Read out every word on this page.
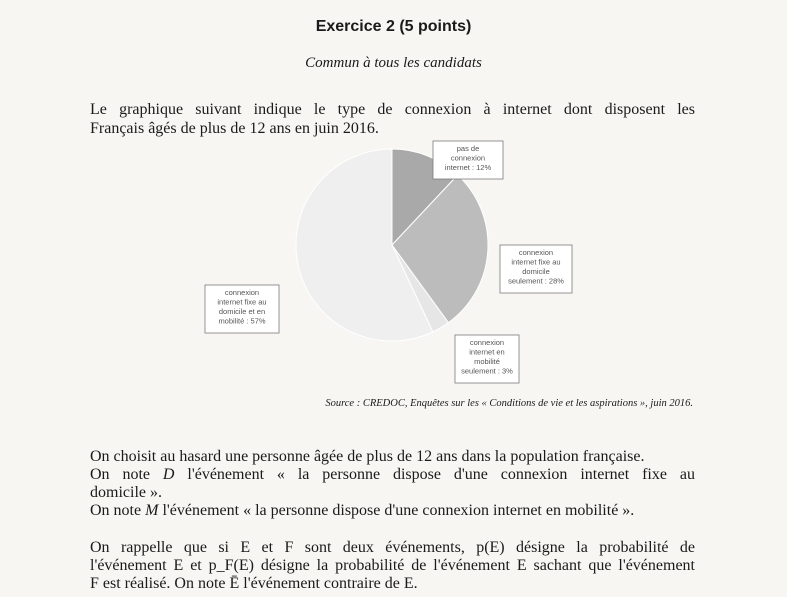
Exercice 2 (5 points)
Commun à tous les candidats
Le graphique suivant indique le type de connexion à internet dont disposent les
Français âgés de plus de 12 ans en juin 2016.
pas de connexion internet : 12%
connexion internet fixe au domicile seulement : 28%
connexion internet en mobilité seulement : 3%
connexion internet fixe au domicile et en mobilité : 57%
Source : CREDOC, Enquêtes sur les « Conditions de vie et les aspirations », juin 2016.
On choisit au hasard une personne âgée de plus de 12 ans dans la population française.
On note D l'événement « la personne dispose d'une connexion internet fixe au
domicile ».
On note M l'événement « la personne dispose d'une connexion internet en mobilité ».
On rappelle que si E et F sont deux événements, p(E) désigne la probabilité de
l'événement E et p_F(E) désigne la probabilité de l'événement E sachant que l'événement
F est réalisé. On note Ē l'événement contraire de E.
